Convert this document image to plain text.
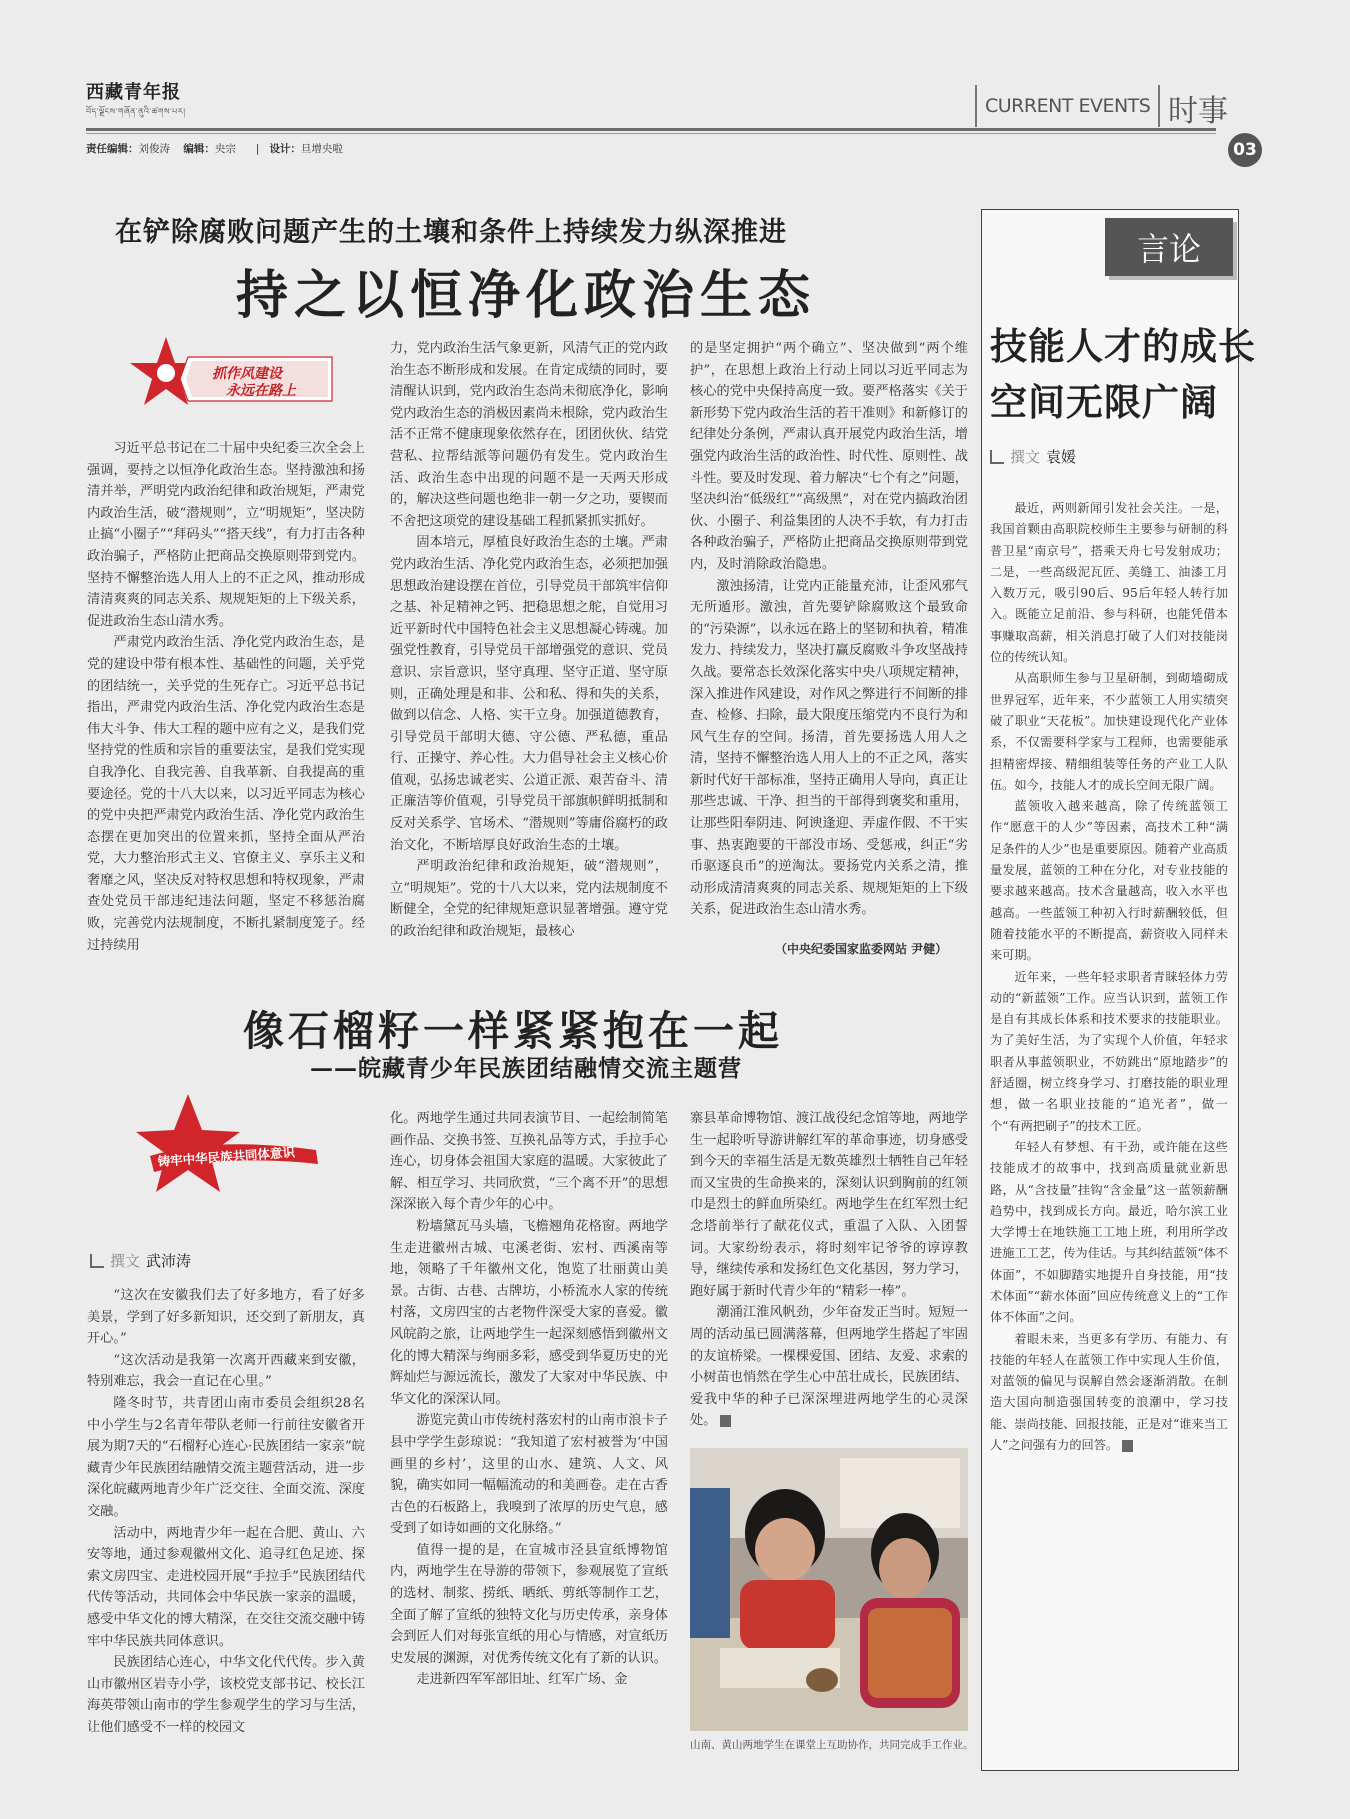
西藏青年报
བོད་ལྗོངས་གཞོན་ནུའི་ཚགས་པར།
责任编辑：刘俊涛 编辑：央宗      |   设计：旦增央啦
CURRENT EVENTS 时事
03
在铲除腐败问题产生的土壤和条件上持续发力纵深推进
持之以恒净化政治生态
抓作风建设
永远在路上

习近平总书记在二十届中央纪委三次全会上强调，要持之以恒净化政治生态。坚持激浊和扬清并举，严明党内政治纪律和政治规矩，严肃党内政治生活，破“潜规则”，立“明规矩”，坚决防止搞“小圈子”“拜码头”“搭天线”，有力打击各种政治骗子，严格防止把商品交换原则带到党内。坚持不懈整治选人用人上的不正之风，推动形成清清爽爽的同志关系、规规矩矩的上下级关系，促进政治生态山清水秀。

严肃党内政治生活、净化党内政治生态，是党的建设中带有根本性、基础性的问题，关乎党的团结统一，关乎党的生死存亡。习近平总书记指出，严肃党内政治生活、净化党内政治生态是伟大斗争、伟大工程的题中应有之义，是我们党坚持党的性质和宗旨的重要法宝，是我们党实现自我净化、自我完善、自我革新、自我提高的重要途径。党的十八大以来，以习近平同志为核心的党中央把严肃党内政治生活、净化党内政治生态摆在更加突出的位置来抓，坚持全面从严治党，大力整治形式主义、官僚主义、享乐主义和奢靡之风，坚决反对特权思想和特权现象，严肃查处党员干部违纪违法问题，坚定不移惩治腐败，完善党内法规制度，不断扎紧制度笼子。经过持续用

力，党内政治生活气象更新，风清气正的党内政治生态不断形成和发展。在肯定成绩的同时，要清醒认识到，党内政治生态尚未彻底净化，影响党内政治生态的消极因素尚未根除，党内政治生活不正常不健康现象依然存在，团团伙伙、结党营私、拉帮结派等问题仍有发生。党内政治生活、政治生态中出现的问题不是一天两天形成的，解决这些问题也绝非一朝一夕之功，要锲而不舍把这项党的建设基础工程抓紧抓实抓好。

固本培元，厚植良好政治生态的土壤。严肃党内政治生活、净化党内政治生态，必须把加强思想政治建设摆在首位，引导党员干部筑牢信仰之基、补足精神之钙、把稳思想之舵，自觉用习近平新时代中国特色社会主义思想凝心铸魂。加强党性教育，引导党员干部增强党的意识、党员意识、宗旨意识，坚守真理、坚守正道、坚守原则，正确处理是和非、公和私、得和失的关系，做到以信念、人格、实干立身。加强道德教育，引导党员干部明大德、守公德、严私德，重品行、正操守、养心性。大力倡导社会主义核心价值观，弘扬忠诚老实、公道正派、艰苦奋斗、清正廉洁等价值观，引导党员干部旗帜鲜明抵制和反对关系学、官场术、“潜规则”等庸俗腐朽的政治文化，不断培厚良好政治生态的土壤。

严明政治纪律和政治规矩，破“潜规则”，立“明规矩”。党的十八大以来，党内法规制度不断健全，全党的纪律规矩意识显著增强。遵守党的政治纪律和政治规矩，最核心

的是坚定拥护“两个确立”、坚决做到“两个维护”，在思想上政治上行动上同以习近平同志为核心的党中央保持高度一致。要严格落实《关于新形势下党内政治生活的若干准则》和新修订的纪律处分条例，严肃认真开展党内政治生活，增强党内政治生活的政治性、时代性、原则性、战斗性。要及时发现、着力解决“七个有之”问题，坚决纠治“低级红”“高级黑”，对在党内搞政治团伙、小圈子、利益集团的人决不手软，有力打击各种政治骗子，严格防止把商品交换原则带到党内，及时消除政治隐患。

激浊扬清，让党内正能量充沛，让歪风邪气无所遁形。激浊，首先要铲除腐败这个最致命的“污染源”，以永远在路上的坚韧和执着，精准发力、持续发力，坚决打赢反腐败斗争攻坚战持久战。要常态长效深化落实中央八项规定精神，深入推进作风建设，对作风之弊进行不间断的排查、检修、扫除，最大限度压缩党内不良行为和风气生存的空间。扬清，首先要扬选人用人之清，坚持不懈整治选人用人上的不正之风，落实新时代好干部标准，坚持正确用人导向，真正让那些忠诚、干净、担当的干部得到褒奖和重用，让那些阳奉阴违、阿谀逢迎、弄虚作假、不干实事、热衷跑要的干部没市场、受惩戒，纠正“劣币驱逐良币”的逆淘汰。要扬党内关系之清，推动形成清清爽爽的同志关系、规规矩矩的上下级关系，促进政治生态山清水秀。

（中央纪委国家监委网站 尹健）
像石榴籽一样紧紧抱在一起
——皖藏青少年民族团结融情交流主题营
铸牢中华民族共同体意识
撰文 武沛涛

“这次在安徽我们去了好多地方，看了好多美景，学到了好多新知识，还交到了新朋友，真开心。”

“这次活动是我第一次离开西藏来到安徽，特别难忘，我会一直记在心里。”

隆冬时节，共青团山南市委员会组织28名中小学生与2名青年带队老师一行前往安徽省开展为期7天的“石榴籽心连心·民族团结一家亲”皖藏青少年民族团结融情交流主题营活动，进一步深化皖藏两地青少年广泛交往、全面交流、深度交融。

活动中，两地青少年一起在合肥、黄山、六安等地，通过参观徽州文化、追寻红色足迹、探索文房四宝、走进校园开展“手拉手”民族团结代代传等活动，共同体会中华民族一家亲的温暖，感受中华文化的博大精深，在交往交流交融中铸牢中华民族共同体意识。

民族团结心连心，中华文化代代传。步入黄山市徽州区岩寺小学，该校党支部书记、校长江海英带领山南市的学生参观学生的学习与生活，让他们感受不一样的校园文

化。两地学生通过共同表演节目、一起绘制简笔画作品、交换书签、互换礼品等方式，手拉手心连心，切身体会祖国大家庭的温暖。大家彼此了解、相互学习、共同欣赏，“三个离不开”的思想深深嵌入每个青少年的心中。

粉墙黛瓦马头墙，飞檐翘角花格窗。两地学生走进徽州古城、屯溪老街、宏村、西溪南等地，领略了千年徽州文化，饱览了壮丽黄山美景。古街、古巷、古牌坊，小桥流水人家的传统村落，文房四宝的古老物件深受大家的喜爱。徽风皖韵之旅，让两地学生一起深刻感悟到徽州文化的博大精深与绚丽多彩，感受到华夏历史的光辉灿烂与源远流长，激发了大家对中华民族、中华文化的深深认同。

游览完黄山市传统村落宏村的山南市浪卡子县中学学生彭琼说：“我知道了宏村被誉为‘中国画里的乡村’，这里的山水、建筑、人文、风貌，确实如同一幅幅流动的和美画卷。走在古香古色的石板路上，我嗅到了浓厚的历史气息，感受到了如诗如画的文化脉络。”

值得一提的是，在宣城市泾县宣纸博物馆内，两地学生在导游的带领下，参观展览了宣纸的选材、制浆、捞纸、晒纸、剪纸等制作工艺，全面了解了宣纸的独特文化与历史传承，亲身体会到匠人们对每张宣纸的用心与情感，对宣纸历史发展的渊源，对优秀传统文化有了新的认识。

走进新四军军部旧址、红军广场、金

寨县革命博物馆、渡江战役纪念馆等地，两地学生一起聆听导游讲解红军的革命事迹，切身感受到今天的幸福生活是无数英雄烈士牺牲自己年轻而又宝贵的生命换来的，深刻认识到胸前的红领巾是烈士的鲜血所染红。两地学生在红军烈士纪念塔前举行了献花仪式，重温了入队、入团誓词。大家纷纷表示，将时刻牢记爷爷的谆谆教导，继续传承和发扬红色文化基因，努力学习，跑好属于新时代青少年的“精彩一棒”。

潮涌江淮风帆劲，少年奋发正当时。短短一周的活动虽已圆满落幕，但两地学生搭起了牢固的友谊桥梁。一棵棵爱国、团结、友爱、求索的小树苗也悄然在学生心中茁壮成长，民族团结、爱我中华的种子已深深埋进两地学生的心灵深处。

山南、黄山两地学生在课堂上互助协作，共同完成手工作业。
言论
技能人才的成长
空间无限广阔
撰文 袁媛

最近，两则新闻引发社会关注。一是，我国首颗由高职院校师生主要参与研制的科普卫星“南京号”，搭乘天舟七号发射成功；二是，一些高级泥瓦匠、美缝工、油漆工月入数万元，吸引90后、95后年轻人转行加入。既能立足前沿、参与科研，也能凭借本事赚取高薪，相关消息打破了人们对技能岗位的传统认知。

从高职师生参与卫星研制，到砌墙砌成世界冠军，近年来，不少蓝领工人用实绩突破了职业“天花板”。加快建设现代化产业体系，不仅需要科学家与工程师，也需要能承担精密焊接、精细组装等任务的产业工人队伍。如今，技能人才的成长空间无限广阔。

蓝领收入越来越高，除了传统蓝领工作“愿意干的人少”等因素，高技术工种“满足条件的人少”也是重要原因。随着产业高质量发展，蓝领的工种在分化，对专业技能的要求越来越高。技术含量越高，收入水平也越高。一些蓝领工种初入行时薪酬较低，但随着技能水平的不断提高，薪资收入同样未来可期。

近年来，一些年轻求职者青睐轻体力劳动的“新蓝领”工作。应当认识到，蓝领工作是自有其成长体系和技术要求的技能职业。为了美好生活，为了实现个人价值，年轻求职者从事蓝领职业，不妨跳出“原地踏步”的舒适圈，树立终身学习、打磨技能的职业理想，做一名职业技能的“追光者”，做一个“有两把刷子”的技术工匠。

年轻人有梦想、有干劲，或许能在这些技能成才的故事中，找到高质量就业新思路，从“含技量”挂钩“含金量”这一蓝领薪酬趋势中，找到成长方向。最近，哈尔滨工业大学博士在地铁施工工地上班，利用所学改进施工工艺，传为佳话。与其纠结蓝领“体不体面”，不如脚踏实地提升自身技能，用“技术体面”“薪水体面”回应传统意义上的“工作体不体面”之问。

着眼未来，当更多有学历、有能力、有技能的年轻人在蓝领工作中实现人生价值，对蓝领的偏见与误解自然会逐渐消散。在制造大国向制造强国转变的浪潮中，学习技能、崇尚技能、回报技能，正是对“谁来当工人”之问强有力的回答。
